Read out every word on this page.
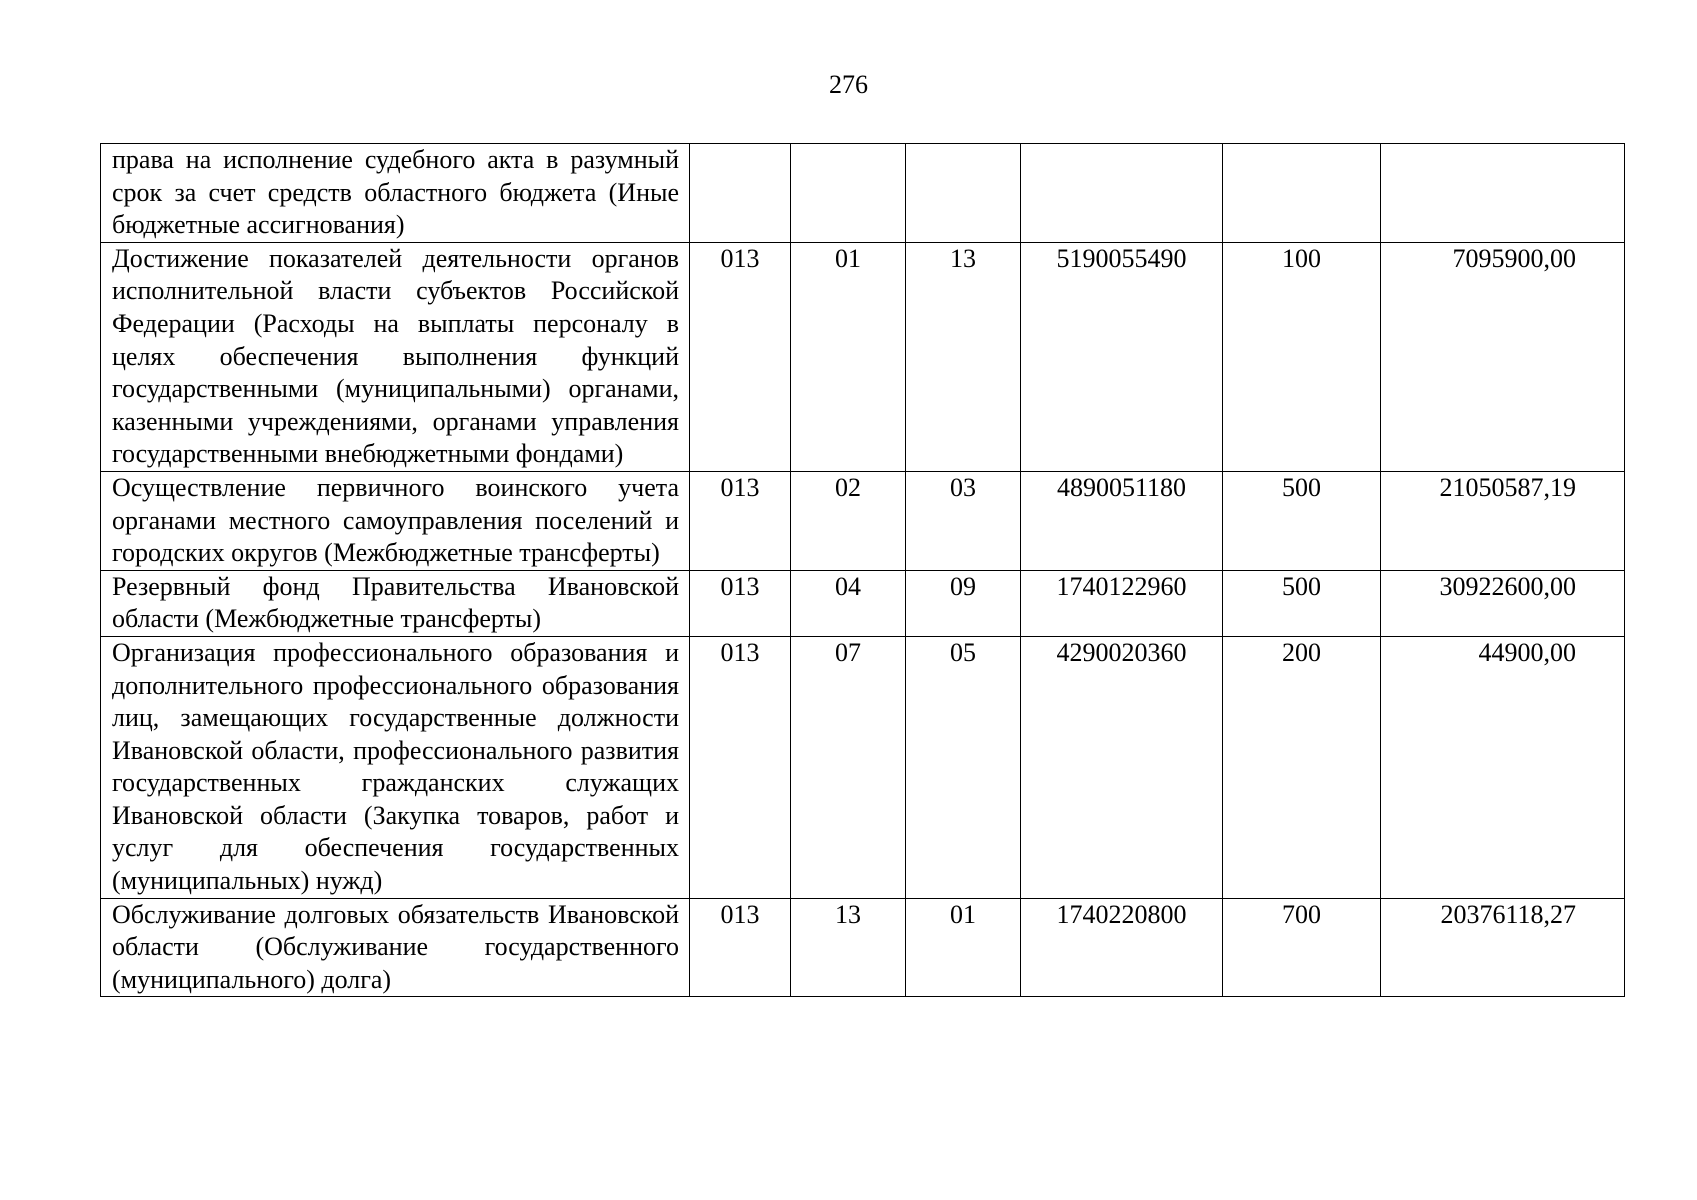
276
права на исполнение судебного акта в разумный срок за счет средств областного бюджета (Иные бюджетные ассигнования)						
Достижение показателей деятельности органов исполнительной власти субъектов Российской Федерации (Расходы на выплаты персоналу в целях обеспечения выполнения функций государственными (муниципальными) органами, казенными учреждениями, органами управления государственными внебюджетными фондами)	013	01	13	5190055490	100	7095900,00
Осуществление первичного воинского учета органами местного самоуправления поселений и городских округов (Межбюджетные трансферты)	013	02	03	4890051180	500	21050587,19
Резервный фонд Правительства Ивановской области (Межбюджетные трансферты)	013	04	09	1740122960	500	30922600,00
Организация профессионального образования и дополнительного профессионального образования лиц, замещающих государственные должности Ивановской области, профессионального развития государственных гражданских служащих Ивановской области (Закупка товаров, работ и услуг для обеспечения государственных (муниципальных) нужд)	013	07	05	4290020360	200	44900,00
Обслуживание долговых обязательств Ивановской области (Обслуживание государственного (муниципального) долга)	013	13	01	1740220800	700	20376118,27
